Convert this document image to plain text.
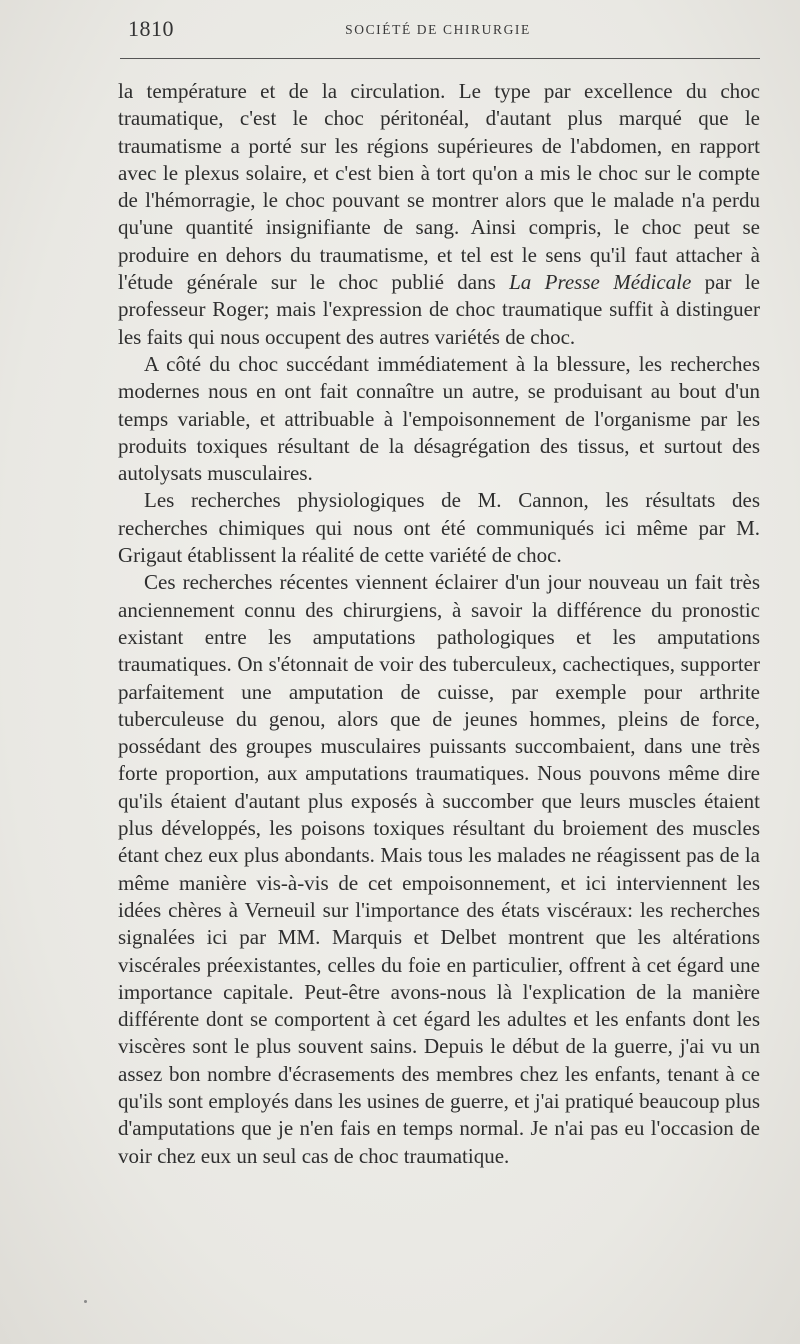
1810	SOCIÉTÉ DE CHIRURGIE

la température et de la circulation. Le type par excellence du choc traumatique, c'est le choc péritonéal, d'autant plus marqué que le traumatisme a porté sur les régions supérieures de l'abdomen, en rapport avec le plexus solaire, et c'est bien à tort qu'on a mis le choc sur le compte de l'hémorragie, le choc pouvant se montrer alors que le malade n'a perdu qu'une quantité insignifiante de sang. Ainsi compris, le choc peut se produire en dehors du traumatisme, et tel est le sens qu'il faut attacher à l'étude générale sur le choc publié dans La Presse Médicale par le professeur Roger; mais l'expression de choc traumatique suffit à distinguer les faits qui nous occupent des autres variétés de choc.

A côté du choc succédant immédiatement à la blessure, les recherches modernes nous en ont fait connaître un autre, se produisant au bout d'un temps variable, et attribuable à l'empoisonnement de l'organisme par les produits toxiques résultant de la désagrégation des tissus, et surtout des autolysats musculaires.

Les recherches physiologiques de M. Cannon, les résultats des recherches chimiques qui nous ont été communiqués ici même par M. Grigaut établissent la réalité de cette variété de choc.

Ces recherches récentes viennent éclairer d'un jour nouveau un fait très anciennement connu des chirurgiens, à savoir la différence du pronostic existant entre les amputations pathologiques et les amputations traumatiques. On s'étonnait de voir des tuberculeux, cachectiques, supporter parfaitement une amputation de cuisse, par exemple pour arthrite tuberculeuse du genou, alors que de jeunes hommes, pleins de force, possédant des groupes musculaires puissants succombaient, dans une très forte proportion, aux amputations traumatiques. Nous pouvons même dire qu'ils étaient d'autant plus exposés à succomber que leurs muscles étaient plus développés, les poisons toxiques résultant du broiement des muscles étant chez eux plus abondants. Mais tous les malades ne réagissent pas de la même manière vis-à-vis de cet empoisonnement, et ici interviennent les idées chères à Verneuil sur l'importance des états viscéraux: les recherches signalées ici par MM. Marquis et Delbet montrent que les altérations viscérales préexistantes, celles du foie en particulier, offrent à cet égard une importance capitale. Peut-être avons-nous là l'explication de la manière différente dont se comportent à cet égard les adultes et les enfants dont les viscères sont le plus souvent sains. Depuis le début de la guerre, j'ai vu un assez bon nombre d'écrasements des membres chez les enfants, tenant à ce qu'ils sont employés dans les usines de guerre, et j'ai pratiqué beaucoup plus d'amputations que je n'en fais en temps normal. Je n'ai pas eu l'occasion de voir chez eux un seul cas de choc traumatique.
